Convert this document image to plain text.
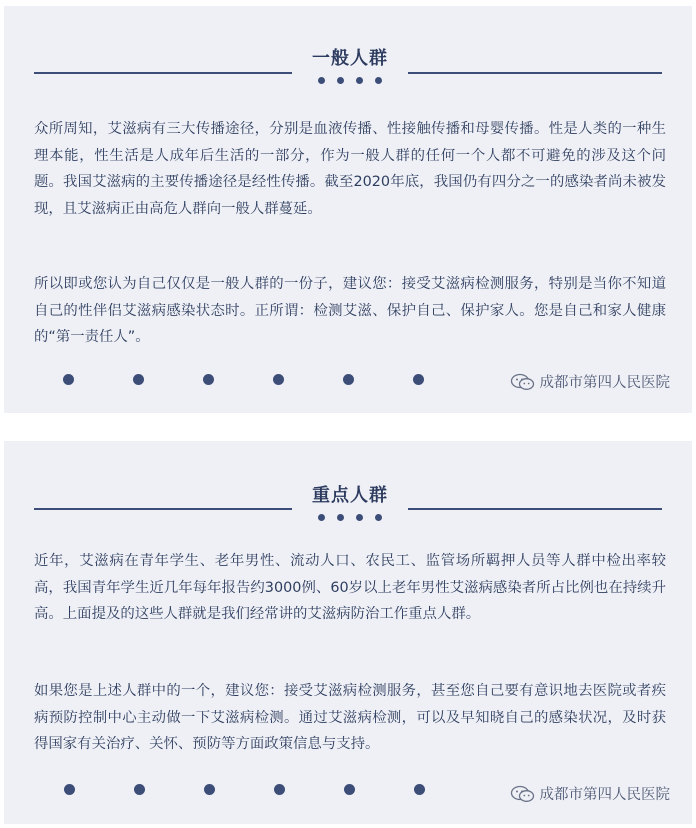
一般人群

众所周知，艾滋病有三大传播途径，分别是血液传播、性接触传播和母婴传播。性是人类的一种生理本能，性生活是人成年后生活的一部分，作为一般人群的任何一个人都不可避免的涉及这个问题。我国艾滋病的主要传播途径是经性传播。截至2020年底，我国仍有四分之一的感染者尚未被发现，且艾滋病正由高危人群向一般人群蔓延。

所以即或您认为自己仅仅是一般人群的一份子，建议您：接受艾滋病检测服务，特别是当你不知道自己的性伴侣艾滋病感染状态时。正所谓：检测艾滋、保护自己、保护家人。您是自己和家人健康的“第一责任人”。

成都市第四人民医院
重点人群

近年，艾滋病在青年学生、老年男性、流动人口、农民工、监管场所羁押人员等人群中检出率较高，我国青年学生近几年每年报告约3000例、60岁以上老年男性艾滋病感染者所占比例也在持续升高。上面提及的这些人群就是我们经常讲的艾滋病防治工作重点人群。

如果您是上述人群中的一个，建议您：接受艾滋病检测服务，甚至您自己要有意识地去医院或者疾病预防控制中心主动做一下艾滋病检测。通过艾滋病检测，可以及早知晓自己的感染状况，及时获得国家有关治疗、关怀、预防等方面政策信息与支持。

成都市第四人民医院
